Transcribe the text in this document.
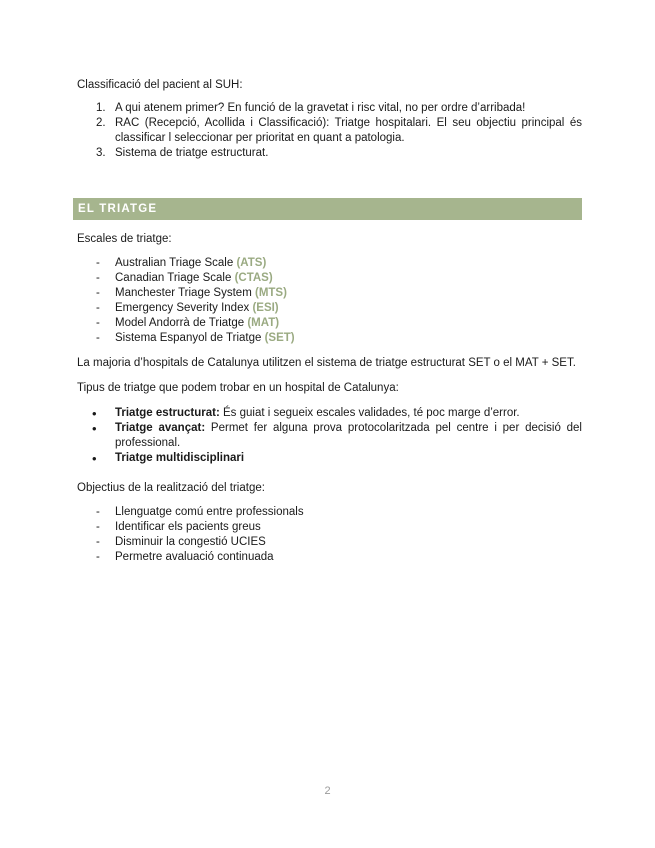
Classificació del pacient al SUH:

1. A qui atenem primer? En funció de la gravetat i risc vital, no per ordre d’arribada!
2. RAC (Recepció, Acollida i Classificació): Triatge hospitalari. El seu objectiu principal és classificar l seleccionar per prioritat en quant a patologia.
3. Sistema de triatge estructurat.
EL TRIATGE

Escales de triatge:

- Australian Triage Scale (ATS)
- Canadian Triage Scale (CTAS)
- Manchester Triage System (MTS)
- Emergency Severity Index (ESI)
- Model Andorrà de Triatge (MAT)
- Sistema Espanyol de Triatge (SET)

La majoria d’hospitals de Catalunya utilitzen el sistema de triatge estructurat SET o el MAT + SET.

Tipus de triatge que podem trobar en un hospital de Catalunya:

• Triatge estructurat: És guiat i segueix escales validades, té poc marge d’error.
• Triatge avançat: Permet fer alguna prova protocolaritzada pel centre i per decisió del professional.
• Triatge multidisciplinari

Objectius de la realització del triatge:

- Llenguatge comú entre professionals
- Identificar els pacients greus
- Disminuir la congestió UCIES
- Permetre avaluació continuada
2
